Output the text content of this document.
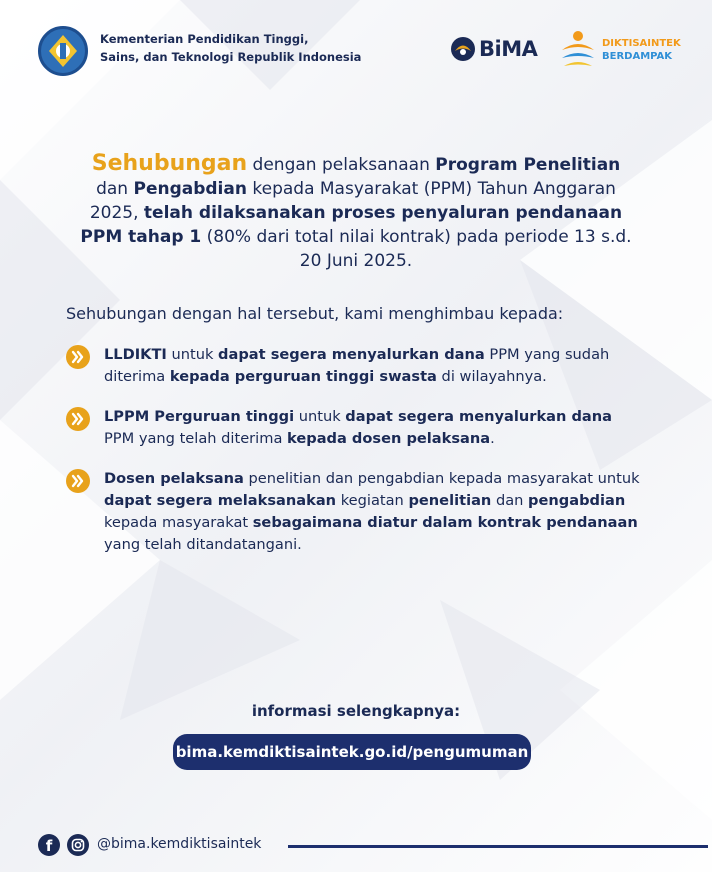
Kementerian Pendidikan Tinggi,
Sains, dan Teknologi Republik Indonesia	BiMA	DIKTISAINTEK
BERDAMPAK
Sehubungan dengan pelaksanaan Program Penelitian dan Pengabdian kepada Masyarakat (PPM) Tahun Anggaran 2025, telah dilaksanakan proses penyaluran pendanaan PPM tahap 1 (80% dari total nilai kontrak) pada periode 13 s.d. 20 Juni 2025.
Sehubungan dengan hal tersebut, kami menghimbau kepada:
LLDIKTI untuk dapat segera menyalurkan dana PPM yang sudah diterima kepada perguruan tinggi swasta di wilayahnya.
LPPM Perguruan tinggi untuk dapat segera menyalurkan dana PPM yang telah diterima kepada dosen pelaksana.
Dosen pelaksana penelitian dan pengabdian kepada masyarakat untuk dapat segera melaksanakan kegiatan penelitian dan pengabdian kepada masyarakat sebagaimana diatur dalam kontrak pendanaan yang telah ditandatangani.
informasi selengkapnya:
bima.kemdiktisaintek.go.id/pengumuman
f	@bima.kemdiktisaintek
